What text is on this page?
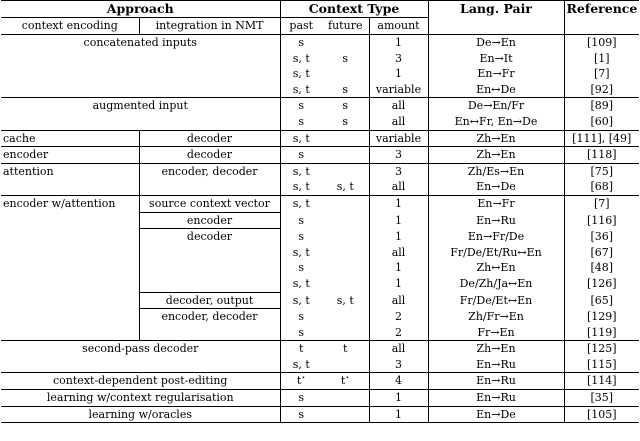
Approach		Context Type			Lang. Pair	Reference
context encoding	integration in NMT	past	future	amount		
concatenated inputs		s		1	De→En	[109]
		s, t	s	3	En→It	[1]
		s, t		1	En→Fr	[7]
		s, t	s	variable	En↔De	[92]
augmented input		s	s	all	De→En/Fr	[89]
		s	s	all	En↔Fr, En→De	[60]
cache	decoder	s, t		variable	Zh→En	[111], [49]
encoder	decoder	s		3	Zh→En	[118]
attention	encoder, decoder	s, t		3	Zh/Es→En	[75]
		s, t	s, t	all	En→De	[68]
encoder w/attention	source context vector	s, t		1	En→Fr	[7]
	encoder	s		1	En→Ru	[116]
	decoder	s		1	En→Fr/De	[36]
		s, t		all	Fr/De/Et/Ru↔En	[67]
		s		1	Zh↔En	[48]
		s, t		1	De/Zh/Ja↔En	[126]
	decoder, output	s, t	s, t	all	Fr/De/Et↔En	[65]
	encoder, decoder	s		2	Zh/Fr→En	[129]
		s		2	Fr→En	[119]
second-pass decoder		t	t	all	Zh→En	[125]
		s, t		3	En→Ru	[115]
context-dependent post-editing		t⋆	t⋆	4	En→Ru	[114]
learning w/context regularisation		s		1	En→Ru	[35]
learning w/oracles		s		1	En→De	[105]
